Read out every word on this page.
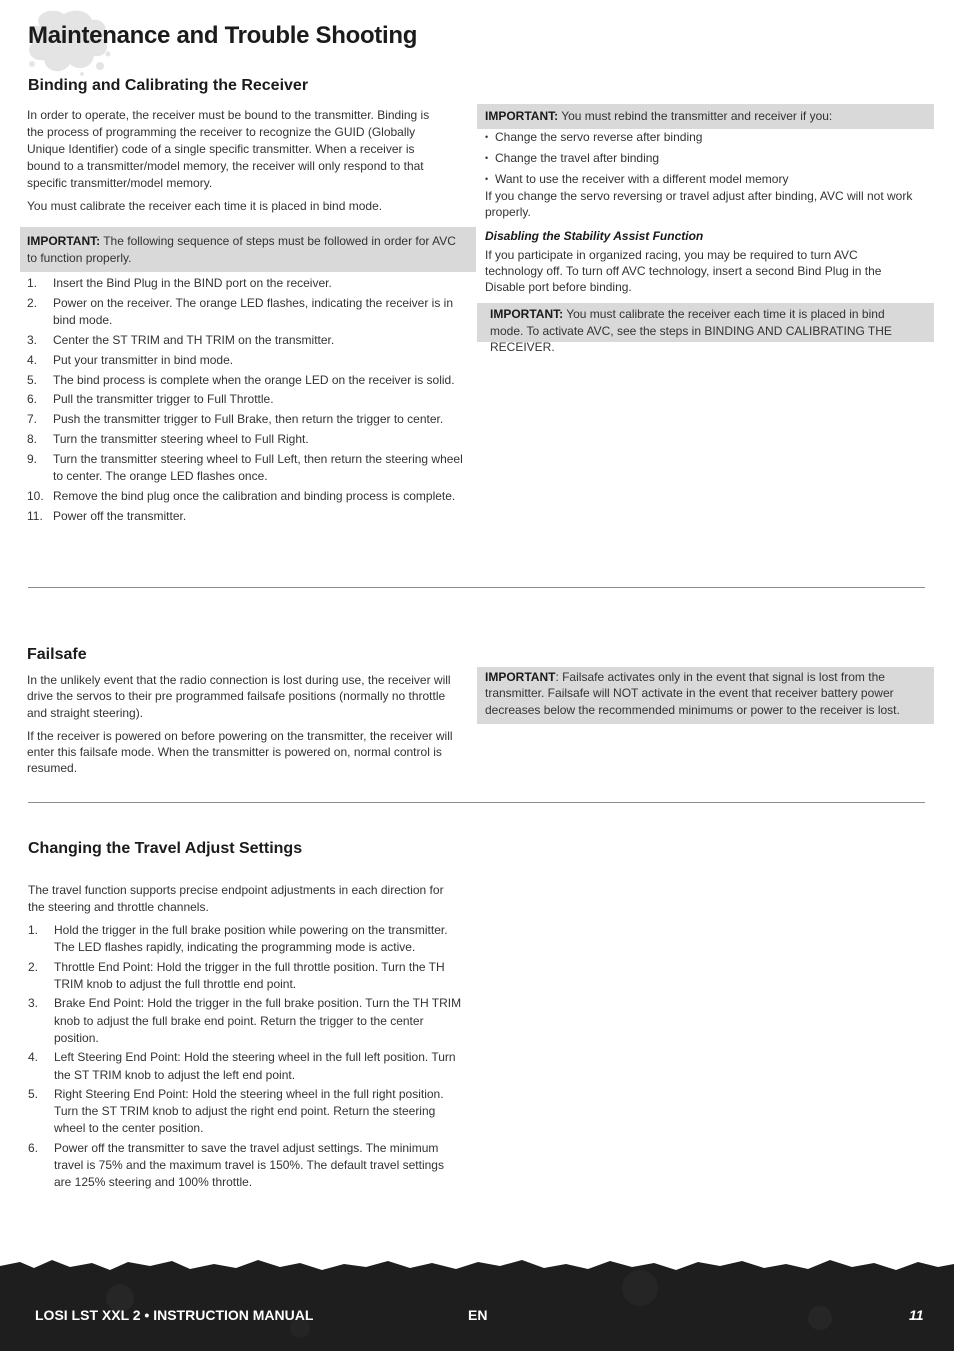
Maintenance and Trouble Shooting
Binding and Calibrating the Receiver

In order to operate, the receiver must be bound to the transmitter. Binding is the process of programming the receiver to recognize the GUID (Globally Unique Identifier) code of a single specific transmitter. When a receiver is bound to a transmitter/model memory, the receiver will only respond to that specific transmitter/model memory.

You must calibrate the receiver each time it is placed in bind mode.

IMPORTANT: The following sequence of steps must be followed in order for AVC to function properly.
1. Insert the Bind Plug in the BIND port on the receiver.
2. Power on the receiver. The orange LED flashes, indicating the receiver is in bind mode.
3. Center the ST TRIM and TH TRIM on the transmitter.
4. Put your transmitter in bind mode.
5. The bind process is complete when the orange LED on the receiver is solid.
6. Pull the transmitter trigger to Full Throttle.
7. Push the transmitter trigger to Full Brake, then return the trigger to center.
8. Turn the transmitter steering wheel to Full Right.
9. Turn the transmitter steering wheel to Full Left, then return the steering wheel to center. The orange LED flashes once.
10. Remove the bind plug once the calibration and binding process is complete.
11. Power off the transmitter.
IMPORTANT: You must rebind the transmitter and receiver if you:
• Change the servo reverse after binding
• Change the travel after binding
• Want to use the receiver with a different model memory

If you change the servo reversing or travel adjust after binding, AVC will not work properly.

Disabling the Stability Assist Function

If you participate in organized racing, you may be required to turn AVC technology off. To turn off AVC technology, insert a second Bind Plug in the Disable port before binding.

IMPORTANT: You must calibrate the receiver each time it is placed in bind mode. To activate AVC, see the steps in BINDING AND CALIBRATING THE RECEIVER.
Failsafe

In the unlikely event that the radio connection is lost during use, the receiver will drive the servos to their pre programmed failsafe positions (normally no throttle and straight steering).

If the receiver is powered on before powering on the transmitter, the receiver will enter this failsafe mode. When the transmitter is powered on, normal control is resumed.

IMPORTANT: Failsafe activates only in the event that signal is lost from the transmitter. Failsafe will NOT activate in the event that receiver battery power decreases below the recommended minimums or power to the receiver is lost.
Changing the Travel Adjust Settings

The travel function supports precise endpoint adjustments in each direction for the steering and throttle channels.

1. Hold the trigger in the full brake position while powering on the transmitter. The LED flashes rapidly, indicating the programming mode is active.
2. Throttle End Point: Hold the trigger in the full throttle position. Turn the TH TRIM knob to adjust the full throttle end point.
3. Brake End Point: Hold the trigger in the full brake position. Turn the TH TRIM knob to adjust the full brake end point. Return the trigger to the center position.
4. Left Steering End Point: Hold the steering wheel in the full left position. Turn the ST TRIM knob to adjust the left end point.
5. Right Steering End Point: Hold the steering wheel in the full right position. Turn the ST TRIM knob to adjust the right end point. Return the steering wheel to the center position.
6. Power off the transmitter to save the travel adjust settings. The minimum travel is 75% and the maximum travel is 150%. The default travel settings are 125% steering and 100% throttle.
LOSI LST XXL 2 • INSTRUCTION MANUAL	EN	11
